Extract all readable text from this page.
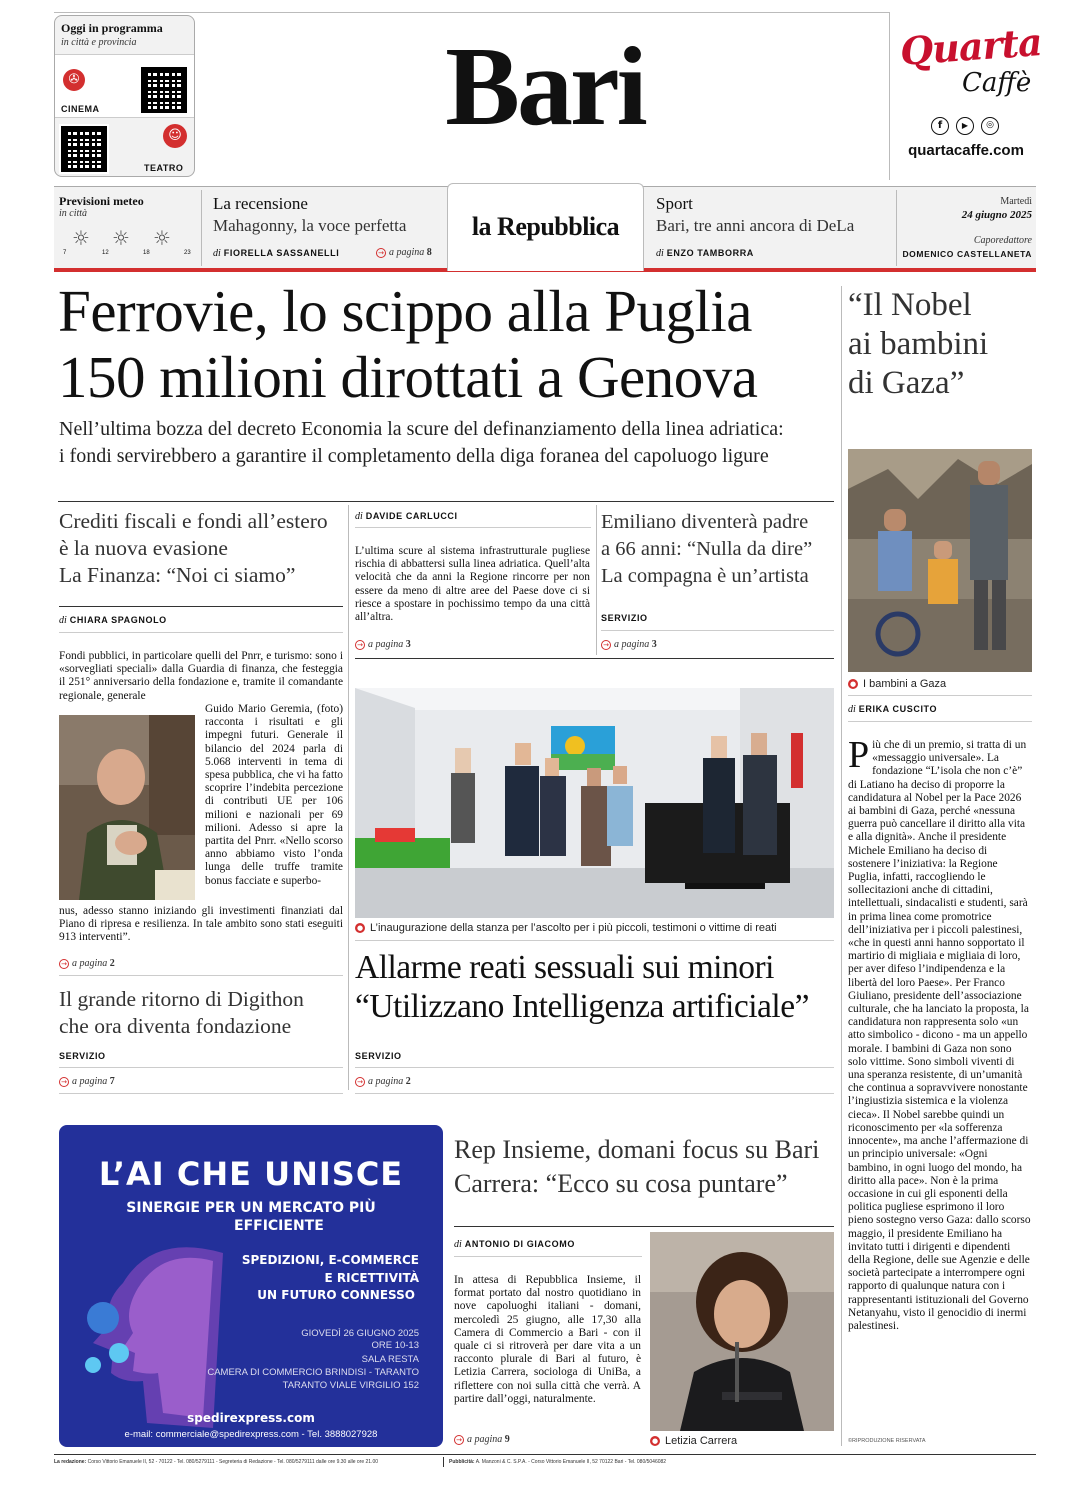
Oggi in programma
in città e provincia
✇
CINEMA
☺
TEATRO
Bari	Quarta
Caffè
f	▶	◎
quartacaffe.com
Previsioni meteo
in città
☼ ☼ ☼
7	12	18	23
La recensione
Mahagonny, la voce perfetta
di FIORELLA SASSANELLI	→ a pagina 8
la Repubblica
Sport
Bari, tre anni ancora di DeLa
di ENZO TAMBORRA
Martedì
24 giugno 2025
Caporedattore
DOMENICO CASTELLANETA
Ferrovie, lo scippo alla Puglia
150 milioni dirottati a Genova
Nell’ultima bozza del decreto Economia la scure del definanziamento della linea adriatica:
i fondi servirebbero a garantire il completamento della diga foranea del capoluogo ligure
Crediti fiscali e fondi all’estero
è la nuova evasione
La Finanza: “Noi ci siamo”
di CHIARA SPAGNOLO
Fondi pubblici, in particolare quelli del Pnrr, e turismo: sono i «sorvegliati speciali» dalla Guardia di finanza, che festeggia il 251° anniversario della fondazione e, tramite il comandante regionale, generale
Guido Mario Geremia, (foto) racconta i risultati e gli impegni futuri. Generale il bilancio del 2024 parla di 5.068 interventi in tema di spesa pubblica, che vi ha fatto scoprire l’indebita percezione di contributi UE per 106 milioni e nazionali per 69 milioni. Adesso si apre la partita del Pnrr. «Nello scorso anno abbiamo visto l’onda lunga delle truffe tramite bonus facciate e superbo-
nus, adesso stanno iniziando gli investimenti finanziati dal Piano di ripresa e resilienza. In tale ambito sono stati eseguiti 913 interventi”.
→ a pagina 2
Il grande ritorno di Digithon
che ora diventa fondazione
SERVIZIO
→ a pagina 7
di DAVIDE CARLUCCI
L’ultima scure al sistema infrastrutturale pugliese rischia di abbattersi sulla linea adriatica. Quell’alta velocità che da anni la Regione rincorre per non essere da meno di altre aree del Paese dove ci si riesce a spostare in pochissimo tempo da una città all’altra.
→ a pagina 3
Emiliano diventerà padre
a 66 anni: “Nulla da dire”
La compagna è un’artista
SERVIZIO
→ a pagina 3
● L’inaugurazione della stanza per l’ascolto per i più piccoli, testimoni o vittime di reati
Allarme reati sessuali sui minori
“Utilizzano Intelligenza artificiale”
SERVIZIO
→ a pagina 2
“Il Nobel
ai bambini
di Gaza”
● I bambini a Gaza
di ERIKA CUSCITO
Più che di un premio, si tratta di un «messaggio universale». La fondazione “L’isola che non c’è” di Latiano ha deciso di proporre la candidatura al Nobel per la Pace 2026 ai bambini di Gaza, perché «nessuna guerra può cancellare il diritto alla vita e alla dignità». Anche il presidente Michele Emiliano ha deciso di sostenere l’iniziativa: la Regione Puglia, infatti, raccogliendo le sollecitazioni anche di cittadini, intellettuali, sindacalisti e studenti, sarà in prima linea come promotrice dell’iniziativa per i piccoli palestinesi, «che in questi anni hanno sopportato il martirio di migliaia e migliaia di loro, per aver difeso l’indipendenza e la libertà del loro Paese». Per Franco Giuliano, presidente dell’associazione culturale, che ha lanciato la proposta, la candidatura non rappresenta solo «un atto simbolico - dicono - ma un appello morale. I bambini di Gaza non sono solo vittime. Sono simboli viventi di una speranza resistente, di un’umanità che continua a sopravvivere nonostante l’ingiustizia sistemica e la violenza cieca». Il Nobel sarebbe quindi un riconoscimento per «la sofferenza innocente», ma anche l’affermazione di un principio universale: «Ogni bambino, in ogni luogo del mondo, ha diritto alla pace». Non è la prima occasione in cui gli esponenti della politica pugliese esprimono il loro pieno sostegno verso Gaza: dallo scorso maggio, il presidente Emiliano ha invitato tutti i dirigenti e dipendenti della Regione, delle sue Agenzie e delle società partecipate a interrompere ogni rapporto di qualunque natura con i rappresentanti istituzionali del Governo Netanyahu, visto il genocidio di inermi palestinesi.
©RIPRODUZIONE RISERVATA
L’AI CHE UNISCE
SINERGIE PER UN MERCATO PIÙ
EFFICIENTE
SPEDIZIONI, E-COMMERCE
E RICETTIVITÀ
UN FUTURO CONNESSO
GIOVEDÌ 26 GIUGNO 2025
ORE 10-13
SALA RESTA
CAMERA DI COMMERCIO BRINDISI - TARANTO
TARANTO VIALE VIRGILIO 152
spedirexpress.com
e-mail: commerciale@spedirexpress.com - Tel. 3888027928
Rep Insieme, domani focus su Bari
Carrera: “Ecco su cosa puntare”
di ANTONIO DI GIACOMO
In attesa di Repubblica Insieme, il format portato dal nostro quotidiano in nove capoluoghi italiani - domani, mercoledì 25 giugno, alle 17,30 alla Camera di Commercio a Bari - con il quale ci si ritroverà per dare vita a un racconto plurale di Bari al futuro, è Letizia Carrera, sociologa di UniBa, a riflettere con noi sulla città che verrà. A partire dall’oggi, naturalmente.
→ a pagina 9	● Letizia Carrera
La redazione: Corso Vittorio Emanuele II, 52 - 70122 - Tel. 080/5279111 - Segreteria di Redazione - Tel. 080/5279111 dalle ore 9.30 alle ore 21.00	Pubblicità: A. Manzoni & C. S.P.A. - Corso Vittorio Emanuele II, 52 70122 Bari - Tel. 080/5046082
